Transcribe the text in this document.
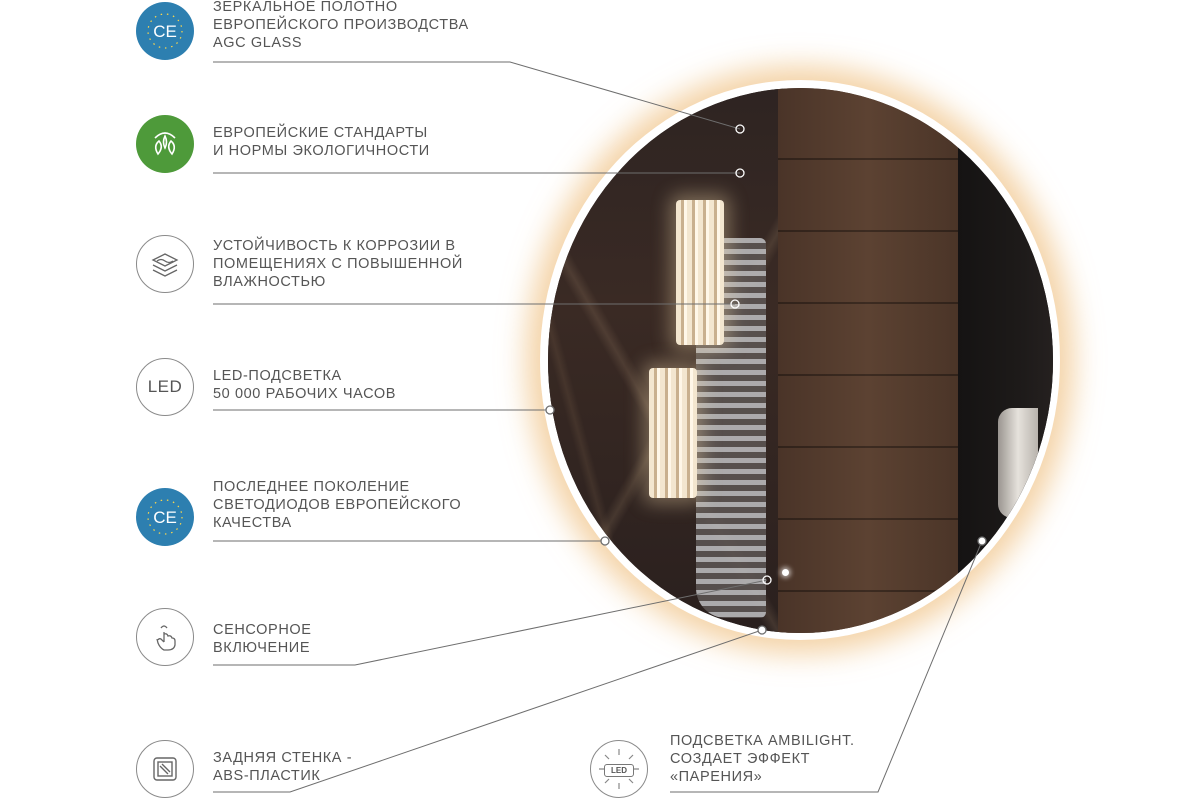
CE
LED
CE
ЗЕРКАЛЬНОЕ ПОЛОТНО
ЕВРОПЕЙСКОГО ПРОИЗВОДСТВА
AGC GLASS
ЕВРОПЕЙСКИЕ СТАНДАРТЫ
И НОРМЫ ЭКОЛОГИЧНОСТИ
УСТОЙЧИВОСТЬ К КОРРОЗИИ В
ПОМЕЩЕНИЯХ С ПОВЫШЕННОЙ
ВЛАЖНОСТЬЮ
LED-ПОДСВЕТКА
50 000 РАБОЧИХ ЧАСОВ
ПОСЛЕДНЕЕ ПОКОЛЕНИЕ
СВЕТОДИОДОВ ЕВРОПЕЙСКОГО
КАЧЕСТВА
СЕНСОРНОЕ
ВКЛЮЧЕНИЕ
ЗАДНЯЯ СТЕНКА -
ABS-ПЛАСТИК	LED
ПОДСВЕТКА AMBILIGHT.
СОЗДАЕТ ЭФФЕКТ
«ПАРЕНИЯ»
